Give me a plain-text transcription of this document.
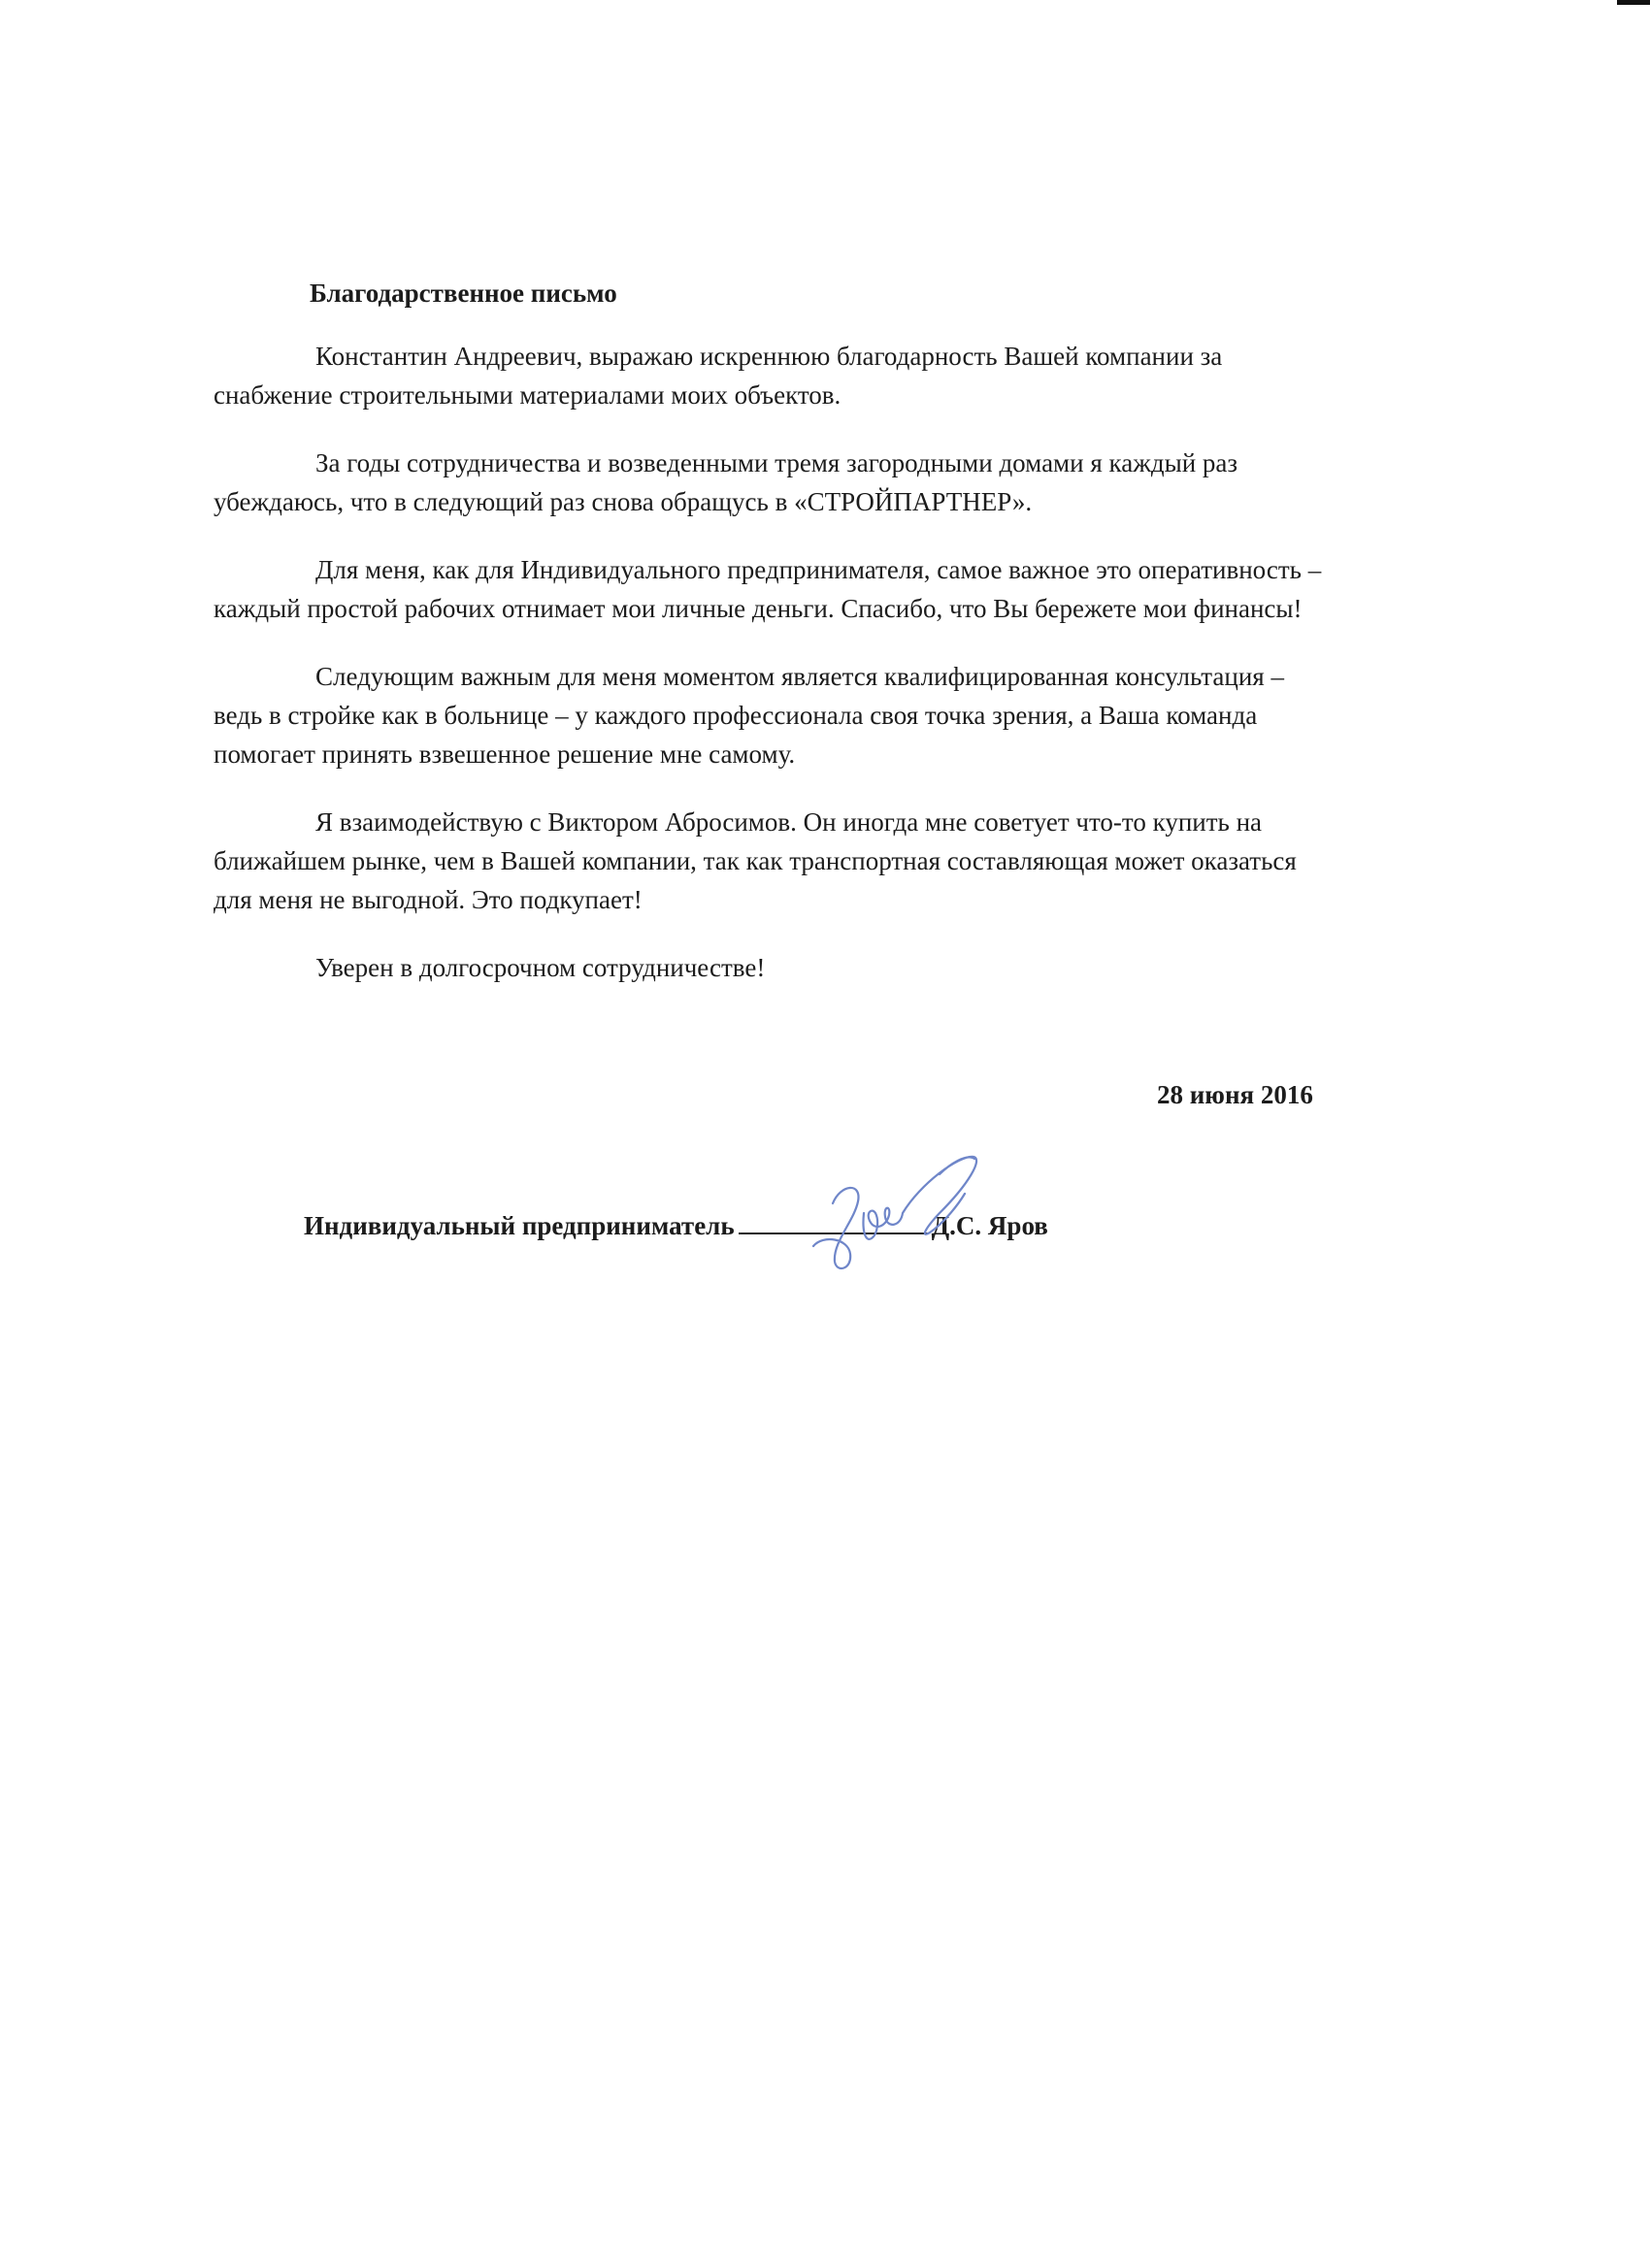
Благодарственное письмо
Константин Андреевич, выражаю искреннюю благодарность Вашей компании за
снабжение строительными материалами моих объектов.
За годы сотрудничества и возведенными тремя загородными домами я каждый раз
убеждаюсь, что в следующий раз снова обращусь в «СТРОЙПАРТНЕР».
Для меня, как для Индивидуального предпринимателя, самое важное это оперативность –
каждый простой рабочих отнимает мои личные деньги. Спасибо, что Вы бережете мои финансы!
Следующим важным для меня моментом является квалифицированная консультация –
ведь в стройке как в больнице – у каждого профессионала своя точка зрения, а Ваша команда
помогает принять взвешенное решение мне самому.
Я взаимодействую с Виктором Абросимов. Он иногда мне советует что-то купить на
ближайшем рынке, чем в Вашей компании, так как транспортная составляющая может оказаться
для меня не выгодной. Это подкупает!
Уверен в долгосрочном сотрудничестве!
28 июня 2016
Индивидуальный предприниматель	Д.С. Яров
